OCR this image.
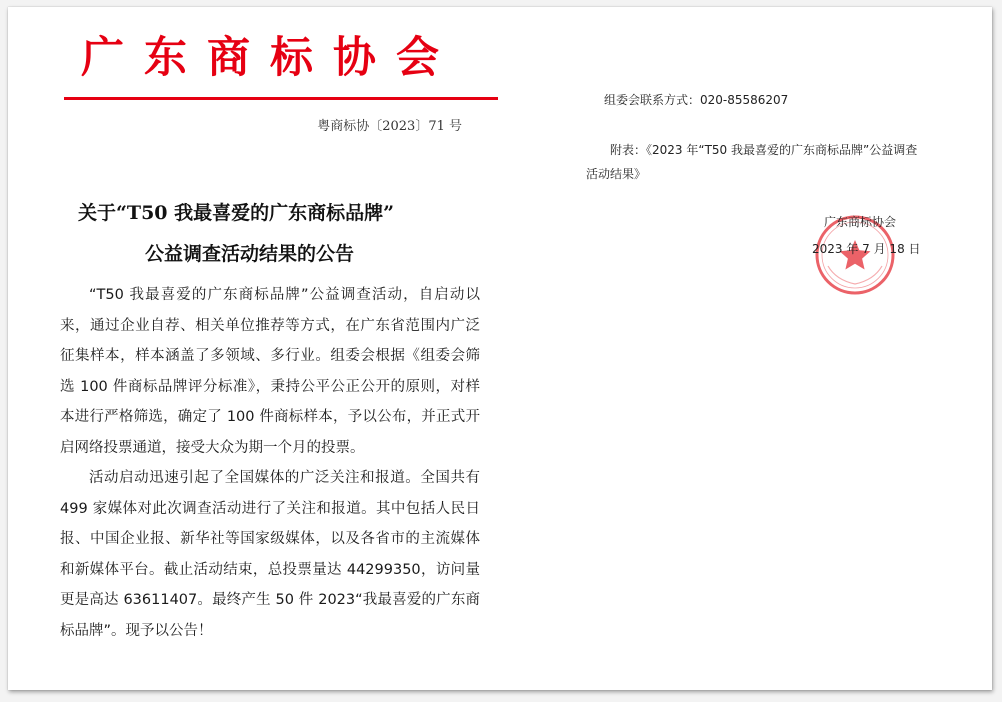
广东商标协会
粤商标协〔2023〕71 号
关于“T50 我最喜爱的广东商标品牌”
公益调查活动结果的公告

“T50 我最喜爱的广东商标品牌”公益调查活动，自启动以来，通过企业自荐、相关单位推荐等方式，在广东省范围内广泛征集样本，样本涵盖了多领域、多行业。组委会根据《组委会筛选 100 件商标品牌评分标准》，秉持公平公正公开的原则，对样本进行严格筛选，确定了 100 件商标样本，予以公布，并正式开启网络投票通道，接受大众为期一个月的投票。

活动启动迅速引起了全国媒体的广泛关注和报道。全国共有 499 家媒体对此次调查活动进行了关注和报道。其中包括人民日报、中国企业报、新华社等国家级媒体，以及各省市的主流媒体和新媒体平台。截止活动结束，总投票量达 44299350，访问量更是高达 63611407。最终产生 50 件 2023“我最喜爱的广东商标品牌”。现予以公告！

组委会联系方式：020-85586207

附表：《2023 年“T50 我最喜爱的广东商标品牌”公益调查活动结果》

广东商标协会
2023 年 7 月 18 日
